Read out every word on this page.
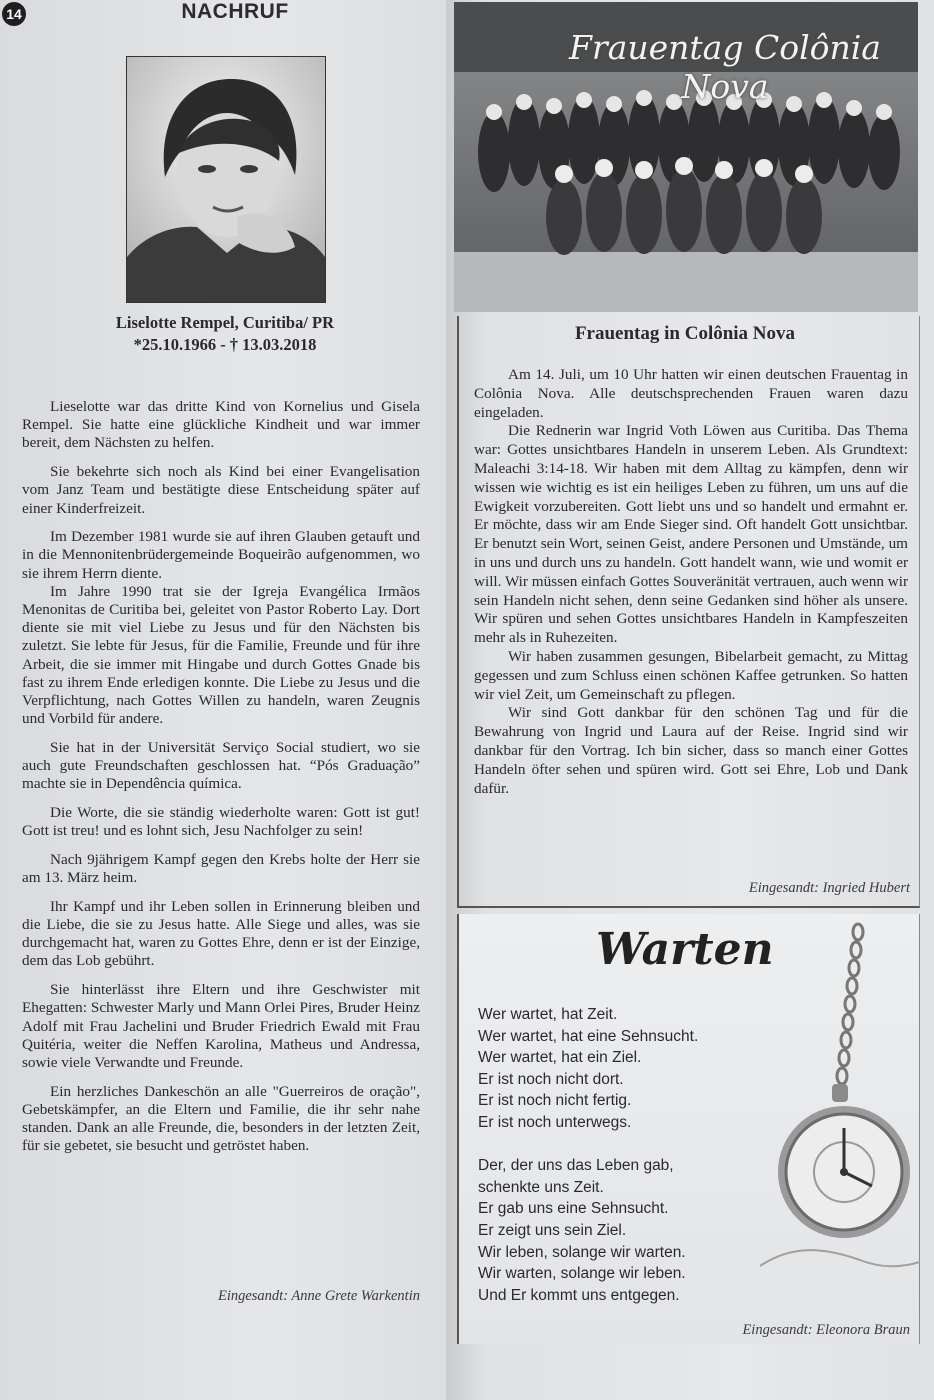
14	NACHRUF
Liselotte Rempel, Curitiba/ PR
*25.10.1966 - † 13.03.2018

Lieselotte war das dritte Kind von Kornelius und Gisela Rempel. Sie hatte eine glückliche Kindheit und war immer bereit, dem Nächsten zu helfen.

Sie bekehrte sich noch als Kind bei einer Evangelisation vom Janz Team und bestätigte diese Entscheidung später auf einer Kinderfreizeit.

Im Dezember 1981 wurde sie auf ihren Glauben getauft und in die Mennonitenbrüdergemeinde Boqueirão aufgenommen, wo sie ihrem Herrn diente.

Im Jahre 1990 trat sie der Igreja Evangélica Irmãos Menonitas de Curitiba bei, geleitet von Pastor Roberto Lay. Dort diente sie mit viel Liebe zu Jesus und für den Nächsten bis zuletzt. Sie lebte für Jesus, für die Familie, Freunde und für ihre Arbeit, die sie immer mit Hingabe und durch Gottes Gnade bis fast zu ihrem Ende erledigen konnte. Die Liebe zu Jesus und die Verpflichtung, nach Gottes Willen zu handeln, waren Zeugnis und Vorbild für andere.

Sie hat in der Universität Serviço Social studiert, wo sie auch gute Freundschaften geschlossen hat. “Pós Graduação” machte sie in Dependência química.

Die Worte, die sie ständig wiederholte waren: Gott ist gut! Gott ist treu! und es lohnt sich, Jesu Nachfolger zu sein!

Nach 9jährigem Kampf gegen den Krebs holte der Herr sie am 13. März heim.

Ihr Kampf und ihr Leben sollen in Erinnerung bleiben und die Liebe, die sie zu Jesus hatte. Alle Siege und alles, was sie durchgemacht hat, waren zu Gottes Ehre, denn er ist der Einzige, dem das Lob gebührt.

Sie hinterlässt ihre Eltern und ihre Geschwister mit Ehegatten: Schwester Marly und Mann Orlei Pires, Bruder Heinz Adolf mit Frau Jachelini und Bruder Friedrich Ewald mit Frau Quitéria, weiter die Neffen Karolina, Matheus und Andressa, sowie viele Verwandte und Freunde.

Ein herzliches Dankeschön an alle "Guerreiros de oração", Gebetskämpfer, an die Eltern und Familie, die ihr sehr nahe standen. Dank an alle Freunde, die, besonders in der letzten Zeit, für sie gebetet, sie besucht und getröstet haben.

Eingesandt: Anne Grete Warkentin
Frauentag Colônia Nova
Frauentag in Colônia Nova

Am 14. Juli, um 10 Uhr hatten wir einen deutschen Frauentag in Colônia Nova. Alle deutschsprechenden Frauen waren dazu eingeladen.

Die Rednerin war Ingrid Voth Löwen aus Curitiba. Das Thema war: Gottes unsichtbares Handeln in unserem Leben. Als Grundtext: Maleachi 3:14-18. Wir haben mit dem Alltag zu kämpfen, denn wir wissen wie wichtig es ist ein heiliges Leben zu führen, um uns auf die Ewigkeit vorzubereiten. Gott liebt uns und so handelt und ermahnt er. Er möchte, dass wir am Ende Sieger sind. Oft handelt Gott unsichtbar. Er benutzt sein Wort, seinen Geist, andere Personen und Umstände, um in uns und durch uns zu handeln. Gott handelt wann, wie und womit er will. Wir müssen einfach Gottes Souveränität vertrauen, auch wenn wir sein Handeln nicht sehen, denn seine Gedanken sind höher als unsere. Wir spüren und sehen Gottes unsichtbares Handeln in Kampfeszeiten mehr als in Ruhezeiten.

Wir haben zusammen gesungen, Bibelarbeit gemacht, zu Mittag gegessen und zum Schluss einen schönen Kaffee getrunken. So hatten wir viel Zeit, um Gemeinschaft zu pflegen.

Wir sind Gott dankbar für den schönen Tag und für die Bewahrung von Ingrid und Laura auf der Reise. Ingrid sind wir dankbar für den Vortrag. Ich bin sicher, dass so manch einer Gottes Handeln öfter sehen und spüren wird. Gott sei Ehre, Lob und Dank dafür.

Eingesandt: Ingried Hubert
Warten
Wer wartet, hat Zeit.
Wer wartet, hat eine Sehnsucht.
Wer wartet, hat ein Ziel.
Er ist noch nicht dort.
Er ist noch nicht fertig.
Er ist noch unterwegs.
Der, der uns das Leben gab,
schenkte uns Zeit.
Er gab uns eine Sehnsucht.
Er zeigt uns sein Ziel.
Wir leben, solange wir warten.
Wir warten, solange wir leben.
Und Er kommt uns entgegen.
Eingesandt: Eleonora Braun
